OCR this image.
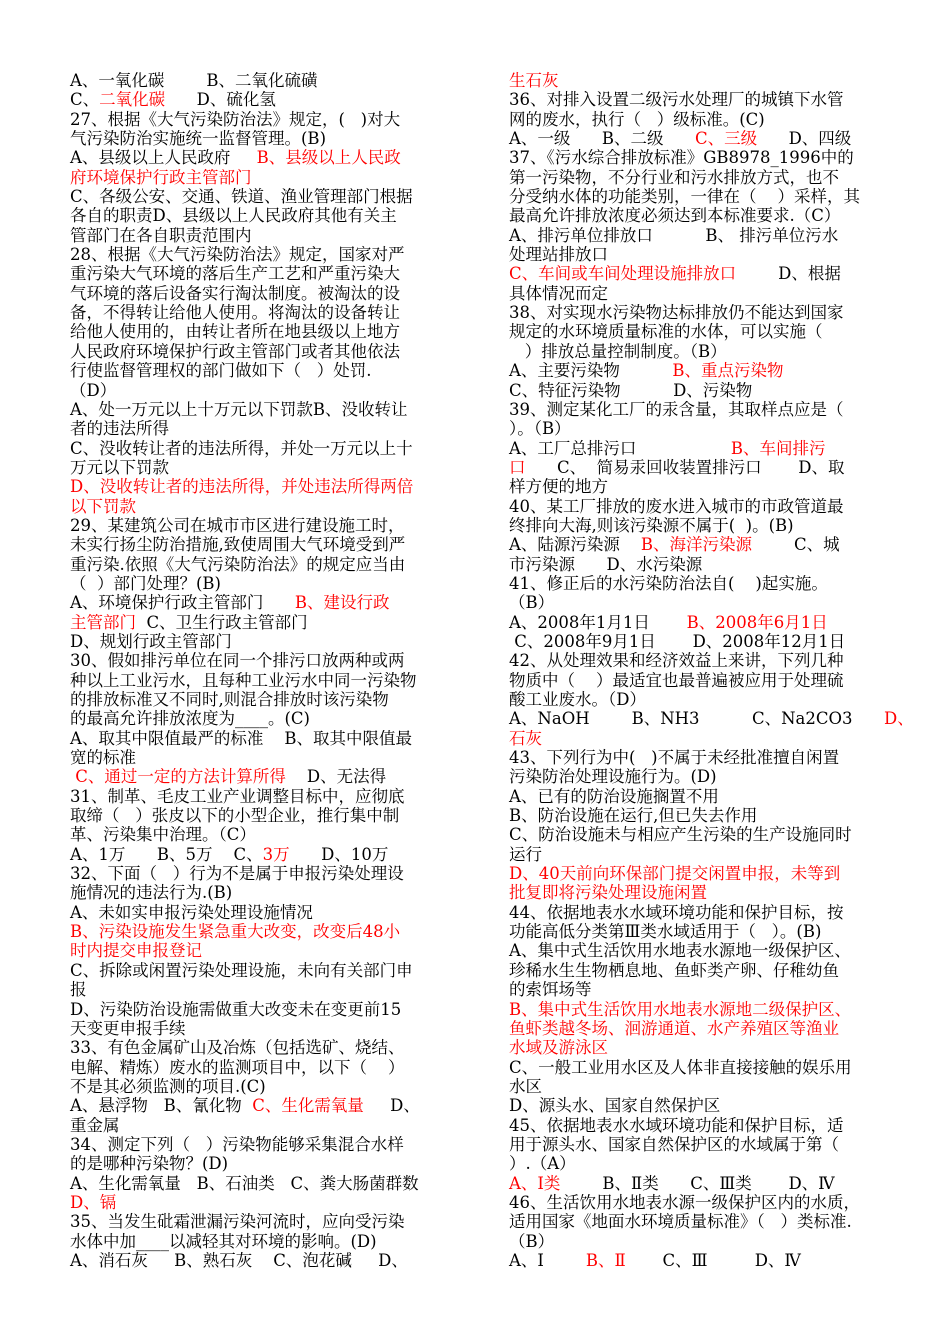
A、一氧化碳        B、二氧化硫磺
C、二氧化碳      D、硫化氢
27、根据《大气污染防治法》规定，(   )对大
气污染防治实施统一监督管理。(B)
A、县级以上人民政府     B、县级以上人民政
府环境保护行政主管部门
C、各级公安、交通、铁道、渔业管理部门根据
各自的职责D、县级以上人民政府其他有关主
管部门在各自职责范围内
28、根据《大气污染防治法》规定，国家对严
重污染大气环境的落后生产工艺和严重污染大
气环境的落后设备实行淘汰制度。被淘汰的设
备，不得转让给他人使用。将淘汰的设备转让
给他人使用的，由转让者所在地县级以上地方
人民政府环境保护行政主管部门或者其他依法
行使监督管理权的部门做如下（   ）处罚.
（D）
A、处一万元以上十万元以下罚款B、没收转让
者的违法所得
C、没收转让者的违法所得，并处一万元以上十
万元以下罚款
D、没收转让者的违法所得，并处违法所得两倍
以下罚款
29、某建筑公司在城市市区进行建设施工时，
未实行扬尘防治措施,致使周围大气环境受到严
重污染.依照《大气污染防治法》的规定应当由
（  ）部门处理？(B)
A、环境保护行政主管部门      B、建设行政
主管部门  C、卫生行政主管部门
D、规划行政主管部门
30、假如排污单位在同一个排污口放两种或两
种以上工业污水，且每种工业污水中同一污染物
的排放标准又不同时,则混合排放时该污染物
的最高允许排放浓度为____。(C)
A、取其中限值最严的标准    B、取其中限值最
宽的标准
C、通过一定的方法计算所得    D、无法得
31、制革、毛皮工业产业调整目标中，应彻底
取缔（   ）张皮以下的小型企业，推行集中制
革、污染集中治理。（C）
A、1万      B、5万    C、3万      D、10万
32、下面（   ）行为不是属于申报污染处理设
施情况的违法行为.(B)
A、未如实申报污染处理设施情况
B、污染设施发生紧急重大改变，改变后48小
时内提交申报登记
C、拆除或闲置污染处理设施，未向有关部门申
报
D、污染防治设施需做重大改变未在变更前15
天变更申报手续
33、有色金属矿山及冶炼（包括选矿、烧结、
电解、精炼）废水的监测项目中，以下（    ）
不是其必须监测的项目.(C)
A、悬浮物   B、氰化物  C、生化需氧量     D、
重金属
34、测定下列（   ）污染物能够采集混合水样
的是哪种污染物？(D)
A、生化需氧量   B、石油类   C、粪大肠菌群数
D、镉
35、当发生砒霜泄漏污染河流时，应向受污染
水体中加____以减轻其对环境的影响。(D)
A、消石灰     B、熟石灰    C、泡花碱     D、
生石灰
36、对排入设置二级污水处理厂的城镇下水管
网的废水，执行（   ）级标准。(C)
A、一级      B、二级      C、三级      D、四级
37、《污水综合排放标准》GB8978_1996中的
第一污染物，不分行业和污水排放方式，也不
分受纳水体的功能类别，一律在（    ）采样，其
最高允许排放浓度必须达到本标准要求.（C）
A、排污单位排放口          B、 排污单位污水
处理站排放口
C、车间或车间处理设施排放口        D、根据
具体情况而定
38、对实现水污染物达标排放仍不能达到国家
规定的水环境质量标准的水体，可以实施（
）排放总量控制制度。（B）
A、主要污染物          B、重点污染物
C、特征污染物          D、污染物
39、测定某化工厂的汞含量，其取样点应是（
）。（B）
A、工厂总排污口                  B、车间排污
口      C、  简易汞回收装置排污口       D、取
样方便的地方
40、某工厂排放的废水进入城市的市政管道最
终排向大海,则该污染源不属于(  )。(B)
A、陆源污染源    B、海洋污染源        C、城
市污染源      D、水污染源
41、修正后的水污染防治法自(    )起实施。
（B）
A、2008年1月1日       B、2008年6月1日
C、2008年9月1日       D、2008年12月1日
42、从处理效果和经济效益上来讲，下列几种
物质中（    ）最适宜也最普遍被应用于处理硫
酸工业废水。（D）
A、NaOH        B、NH3          C、Na2CO3      D、
石灰
43、下列行为中(   )不属于未经批准擅自闲置
污染防治处理设施行为。(D)
A、已有的防治设施搁置不用
B、防治设施在运行,但已失去作用
C、防治设施未与相应产生污染的生产设施同时
运行
D、40天前向环保部门提交闲置申报，未等到
批复即将污染处理设施闲置
44、依据地表水水域环境功能和保护目标，按
功能高低分类第Ⅲ类水域适用于（   ）。(B)
A、集中式生活饮用水地表水源地一级保护区、
珍稀水生生物栖息地、鱼虾类产卵、仔稚幼鱼
的索饵场等
B、集中式生活饮用水地表水源地二级保护区、
鱼虾类越冬场、洄游通道、水产养殖区等渔业
水域及游泳区
C、一般工业用水区及人体非直接接触的娱乐用
水区
D、源头水、国家自然保护区
45、依据地表水水域环境功能和保护目标，适
用于源头水、国家自然保护区的水域属于第（
）.（A）
A、Ⅰ类        B、Ⅱ类      C、Ⅲ类       D、Ⅳ
46、生活饮用水地表水源一级保护区内的水质，
适用国家《地面水环境质量标准》（   ）类标准.
（B）
A、Ⅰ        B、Ⅱ       C、Ⅲ         D、Ⅳ
